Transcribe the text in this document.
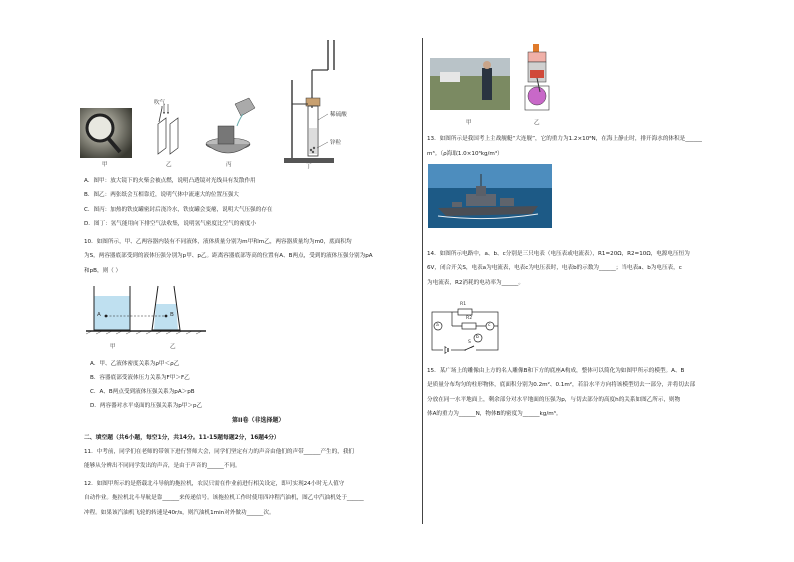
甲	乙	丙	丁
吹气
稀硫酸
锌粒
A．图甲：放大镜下的火柴会被点燃，说明凸透镜对光线具有发散作用
B．图乙：两张纸会互相靠近，说明气体中流速大的位置压强大
C．图丙：加热的铁皮罐密封后浇冷水，铁皮罐会变瘪，说明大气压强的存在
D．图丁：氢气能用向下排空气法收集，说明氢气密度比空气的密度小
10．如图所示，甲、乙两容器内装有不同液体，液体质量分别为m甲和m乙，两容器质量均为m0，底面积均
为S，两容器底部受到的液体压强分别为p甲、p乙。距离容器底部等高的位置有A、B两点，受到的液体压强分别为pA
和pB，则（ ）
A	B
甲	乙
A．甲、乙液体密度关系为ρ甲＜ρ乙
B．容器底部受液体压力关系为F甲＞F乙
C．A、B两点受到液体压强关系为pA＞pB
D．两容器对水平桌面的压强关系为p甲＞p乙
第II卷（非选择题）
二、填空题（共6小题，每空1分，共14分。11-15题每题2分，16题4分）
11．中考前，同学们在老师的带领下进行誓师大会，同学们坚定有力的声音由他们的声带______产生的，我们
能够从分辨出不同同学发出的声音，是由于声音的______不同。
12．如图甲所示的是搭载北斗导航的拖拉机，农民只需在作业前进行相关设定，即可实现24小时无人值守
自动作业。拖拉机北斗导航是靠______来传递信号。该拖拉机工作时使用四冲程汽油机，图乙中汽油机处于______
冲程。如果该汽油机飞轮的转速是40r/s，则汽油机1min对外做功______次。
甲	乙
13．如图所示是我国考上主战舰艇“大连舰”，它的重力为1.2×10⁸N，在海上静止时，排开海水的体积是______
m³。（ρ海取1.0×10³kg/m³）
14．如图所示电路中，a、b、c分别是三只电表（电压表或电流表），R1=20Ω，R2=10Ω，电源电压恒为
6V，闭合开关S，电表a为电流表，电表c为电压表时，电表b的示数为______；当电表a、b为电压表，c
为电流表，R2消耗的电功率为______。
R1
R2
a
b
c
S
15．某广场上的雕像由上方的名人雕像B和下方的底座A构成，整体可以简化为如图甲所示的模型。A、B
是质量分布均匀的柱形物体，底面积分别为0.2m²、0.1m²，若沿水平方向将该模型切去一部分，并将切去部
分放在同一水平地面上，剩余部分对水平地面的压强为p，与切去部分的高度h的关系如图乙所示，则物
体A的重力为______N，物体B的密度为______kg/m³。
